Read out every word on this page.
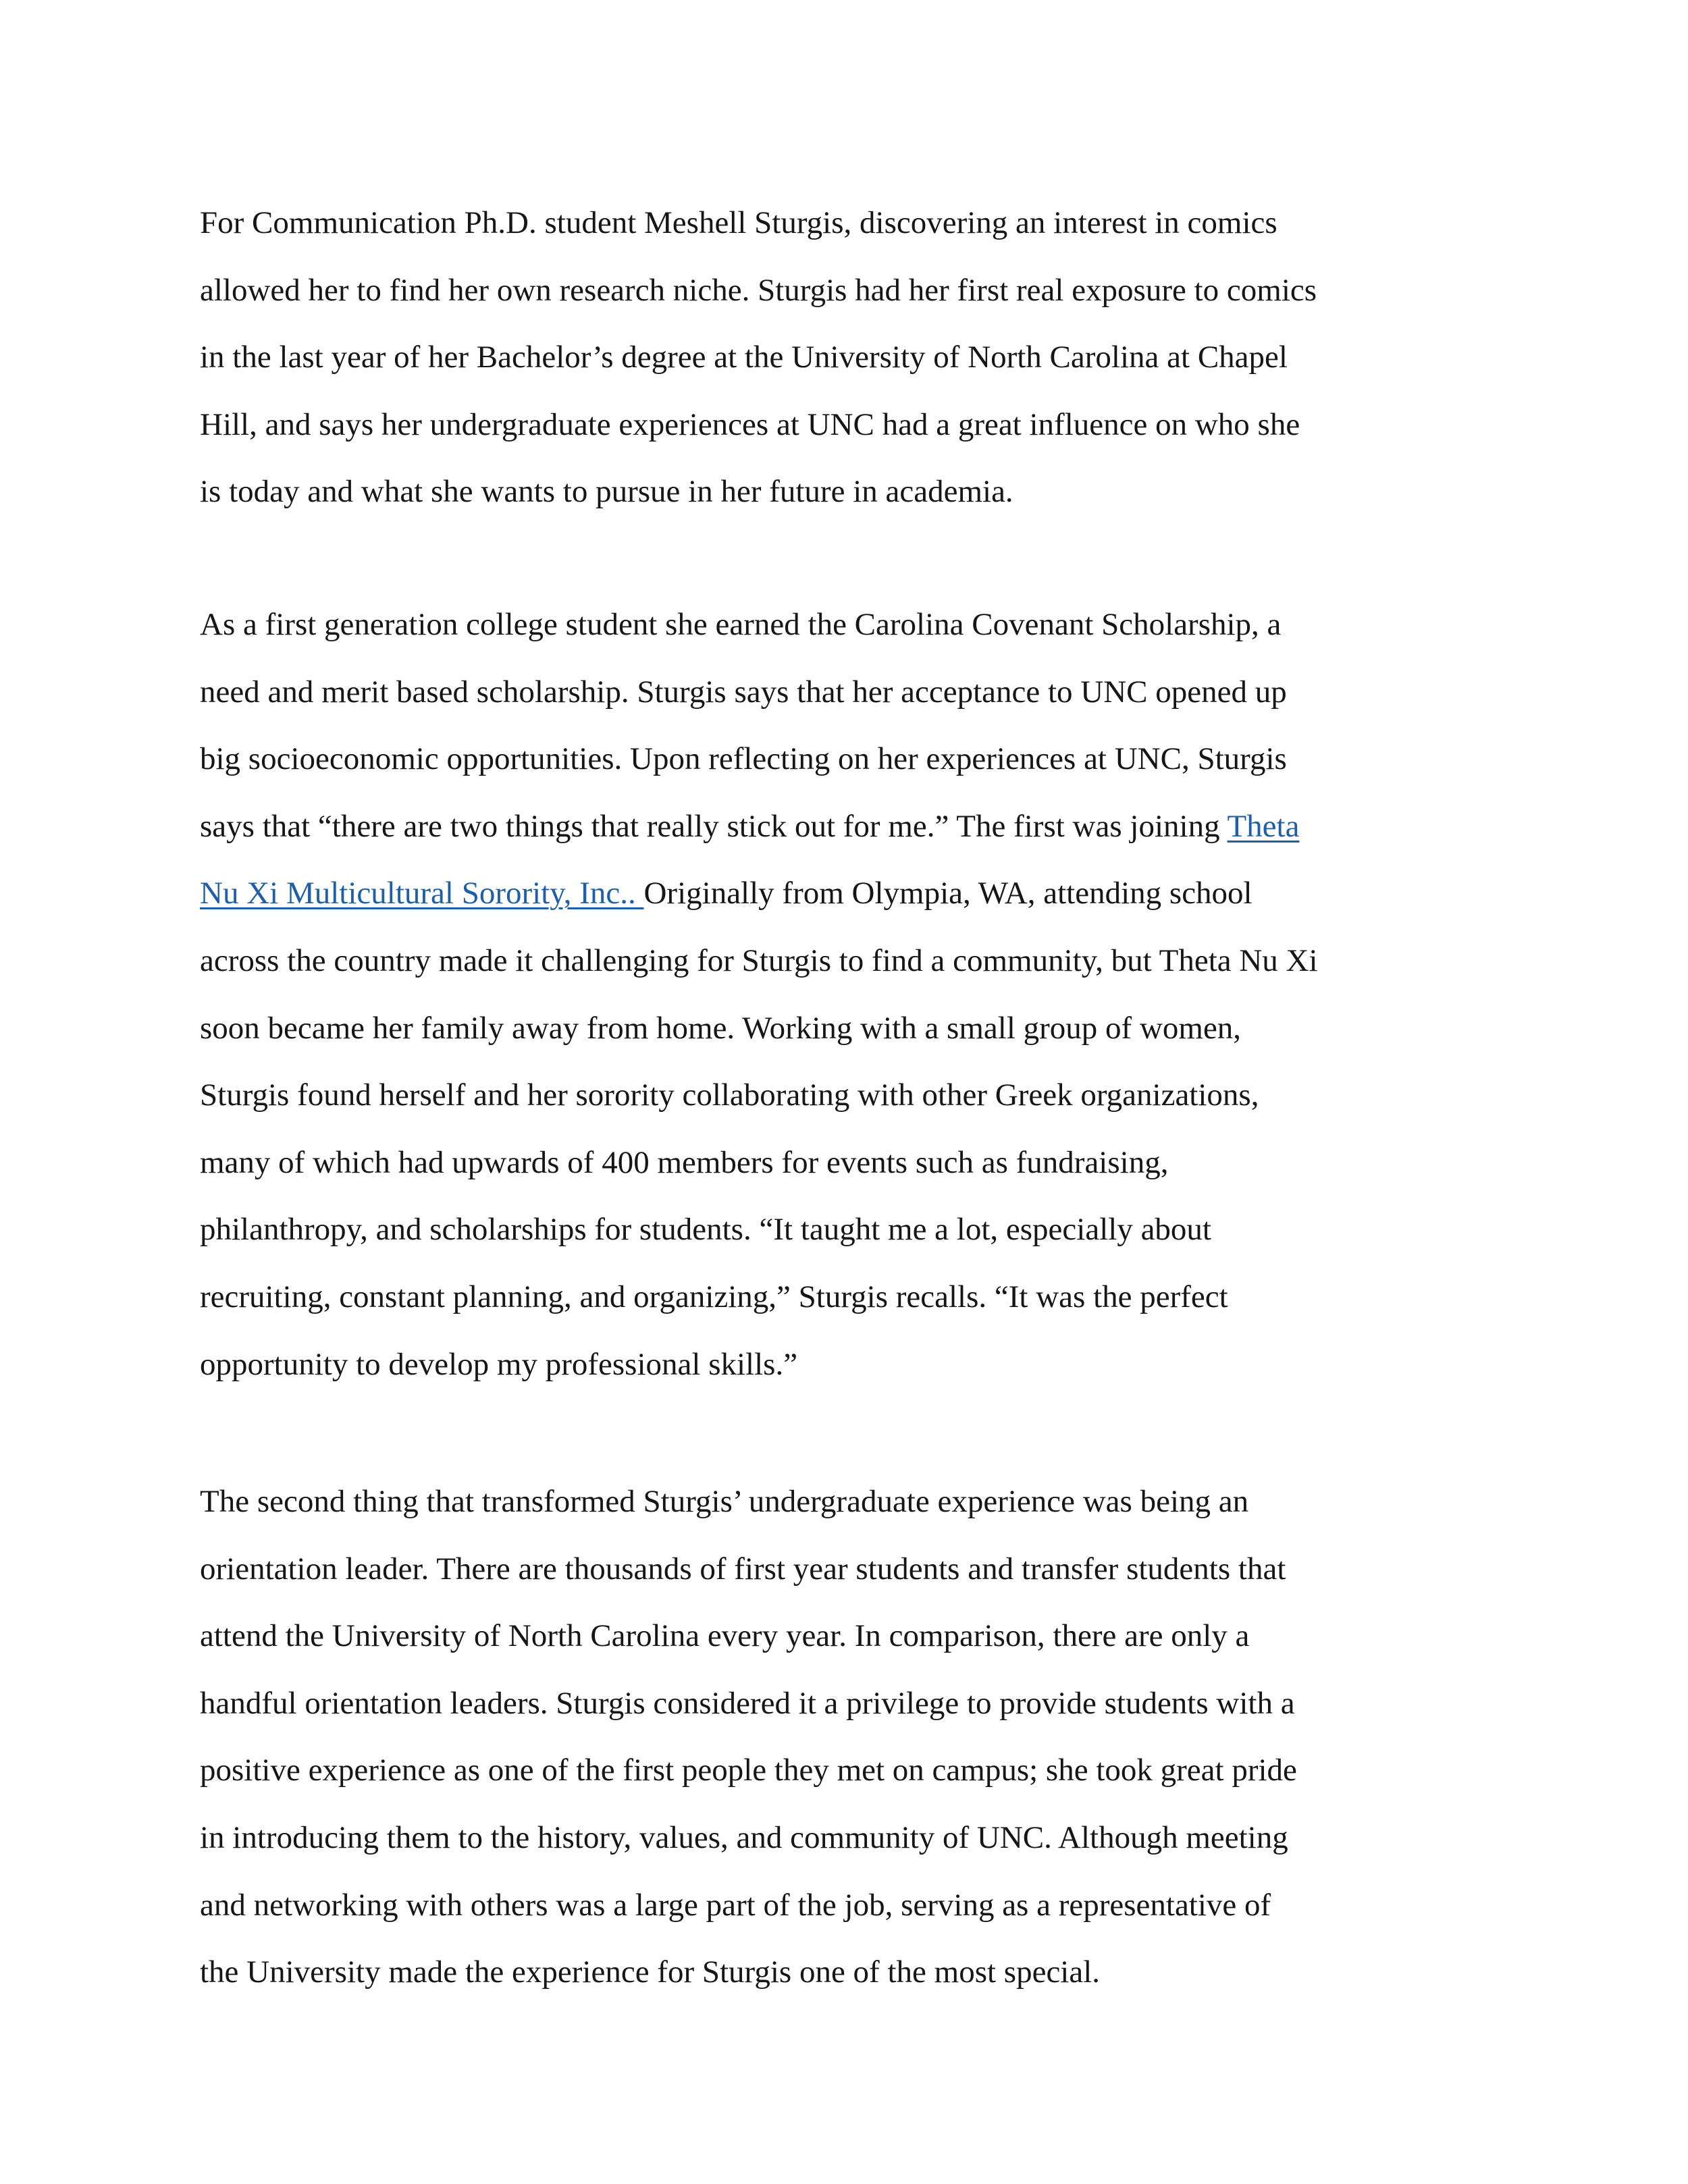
For Communication Ph.D. student Meshell Sturgis, discovering an interest in comics
allowed her to find her own research niche. Sturgis had her first real exposure to comics
in the last year of her Bachelor’s degree at the University of North Carolina at Chapel
Hill, and says her undergraduate experiences at UNC had a great influence on who she
is today and what she wants to pursue in her future in academia.

As a first generation college student she earned the Carolina Covenant Scholarship, a
need and merit based scholarship. Sturgis says that her acceptance to UNC opened up
big socioeconomic opportunities. Upon reflecting on her experiences at UNC, Sturgis
says that “there are two things that really stick out for me.” The first was joining Theta
Nu Xi Multicultural Sorority, Inc.. Originally from Olympia, WA, attending school
across the country made it challenging for Sturgis to find a community, but Theta Nu Xi
soon became her family away from home. Working with a small group of women,
Sturgis found herself and her sorority collaborating with other Greek organizations,
many of which had upwards of 400 members for events such as fundraising,
philanthropy, and scholarships for students. “It taught me a lot, especially about
recruiting, constant planning, and organizing,” Sturgis recalls. “It was the perfect
opportunity to develop my professional skills.”

The second thing that transformed Sturgis’ undergraduate experience was being an
orientation leader. There are thousands of first year students and transfer students that
attend the University of North Carolina every year. In comparison, there are only a
handful orientation leaders. Sturgis considered it a privilege to provide students with a
positive experience as one of the first people they met on campus; she took great pride
in introducing them to the history, values, and community of UNC. Although meeting
and networking with others was a large part of the job, serving as a representative of
the University made the experience for Sturgis one of the most special.
